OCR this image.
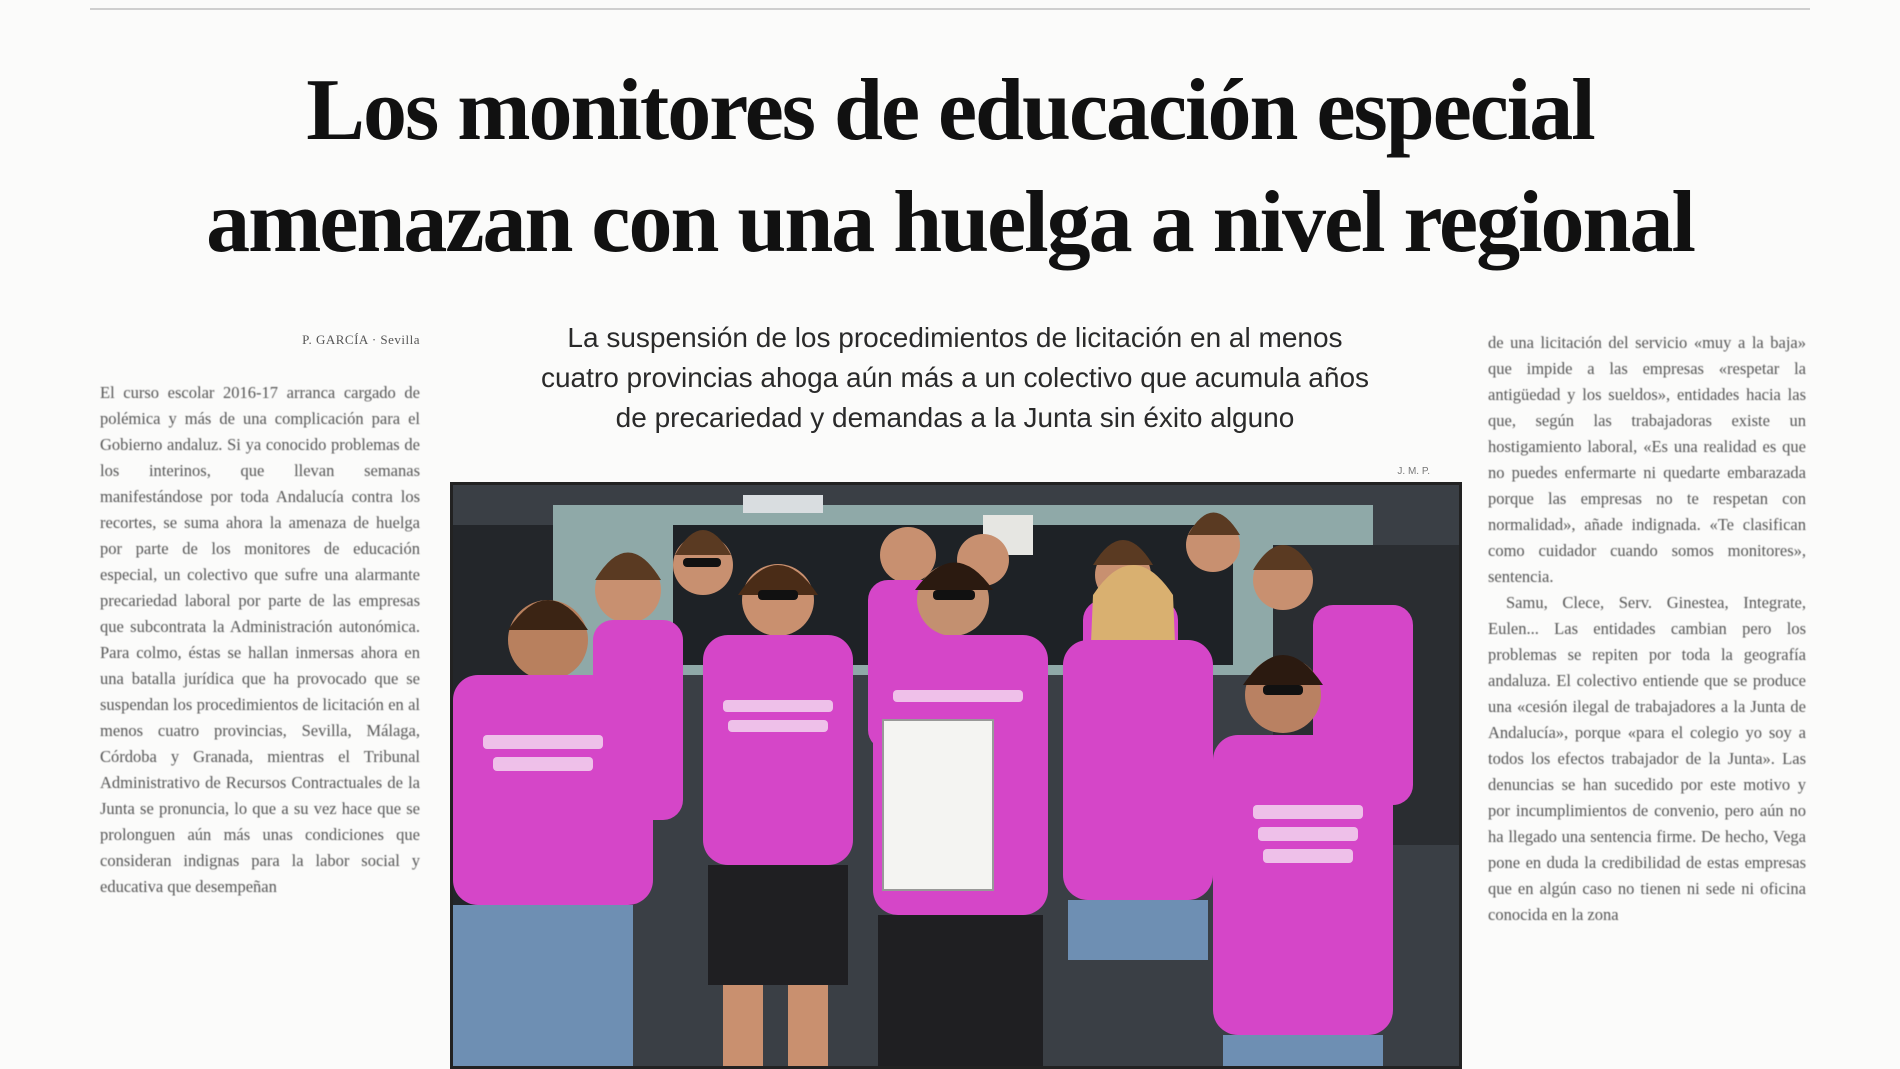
Los monitores de educación especial
amenazan con una huelga a nivel regional
La suspensión de los procedimientos de licitación en al menos
cuatro provincias ahoga aún más a un colectivo que acumula años
de precariedad y demandas a la Junta sin éxito alguno
P. GARCÍA · Sevilla

El curso escolar 2016-17 arranca cargado de polémica y más de una complicación para el Gobierno andaluz. Si ya conocido problemas de los interinos, que llevan semanas manifestándose por toda Andalucía contra los recortes, se suma ahora la amenaza de huelga por parte de los monitores de educación especial, un colectivo que sufre una alarmante precariedad laboral por parte de las empresas que subcontrata la Administración autonómica. Para colmo, éstas se hallan inmersas ahora en una batalla jurídica que ha provocado que se suspendan los procedimientos de licitación en al menos cuatro provincias, Sevilla, Málaga, Córdoba y Granada, mientras el Tribunal Administrativo de Recursos Contractuales de la Junta se pronuncia, lo que a su vez hace que se prolonguen aún más unas condiciones que consideran indignas para la labor social y educativa que desempeñan

J. M. P.

de una licitación del servicio «muy a la baja» que impide a las empresas «respetar la antigüedad y los sueldos», entidades hacia las que, según las trabajadoras existe un hostigamiento laboral, «Es una realidad es que no puedes enfermarte ni quedarte embarazada porque las empresas no te respetan con normalidad», añade indignada. «Te clasifican como cuidador cuando somos monitores», sentencia.

Samu, Clece, Serv. Ginestea, Integrate, Eulen... Las entidades cambian pero los problemas se repiten por toda la geografía andaluza. El colectivo entiende que se produce una «cesión ilegal de trabajadores a la Junta de Andalucía», porque «para el colegio yo soy a todos los efectos trabajador de la Junta». Las denuncias se han sucedido por este motivo y por incumplimientos de convenio, pero aún no ha llegado una sentencia firme. De hecho, Vega pone en duda la credibilidad de estas empresas que en algún caso no tienen ni sede ni oficina conocida en la zona
